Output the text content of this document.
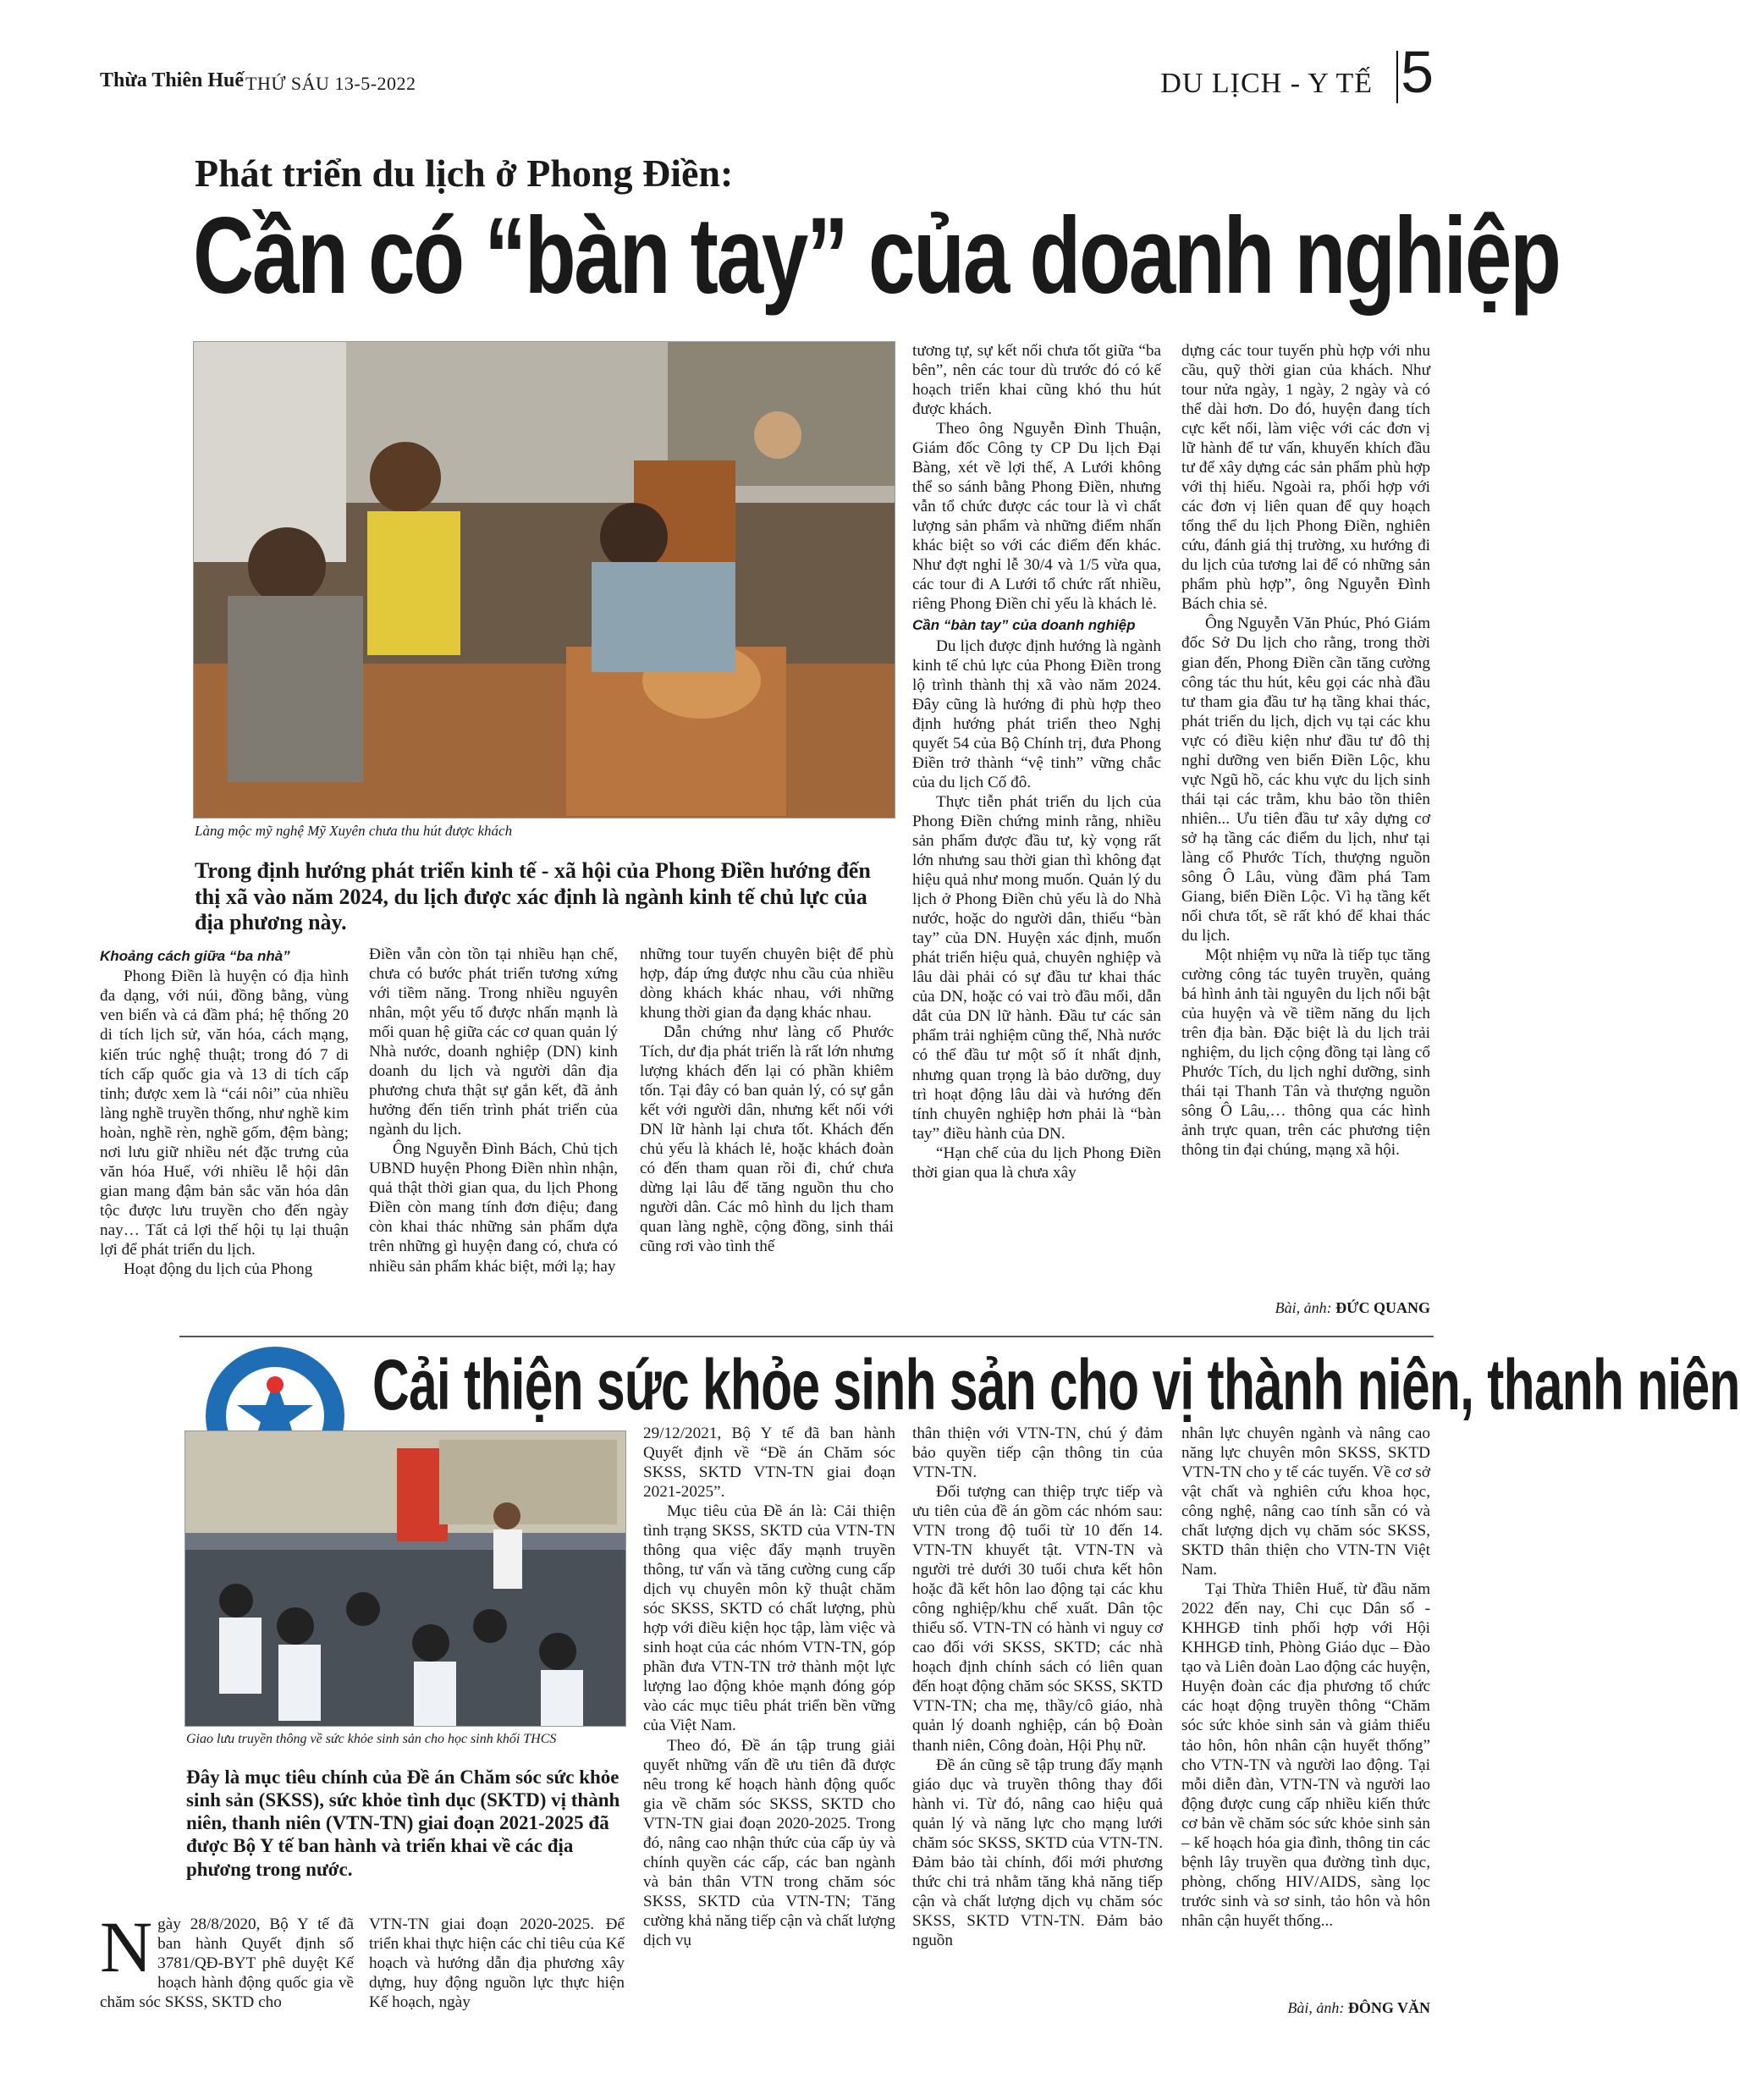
Thừa Thiên Huế THỨ SÁU 13-5-2022	DU LỊCH - Y TẾ 5
Phát triển du lịch ở Phong Điền:
Cần có “bàn tay” của doanh nghiệp
Làng mộc mỹ nghệ Mỹ Xuyên chưa thu hút được khách
Trong định hướng phát triển kinh tế - xã hội của Phong Điền hướng đến thị xã vào năm 2024, du lịch được xác định là ngành kinh tế chủ lực của địa phương này.

Khoảng cách giữa “ba nhà”

Phong Điền là huyện có địa hình đa dạng, với núi, đồng bằng, vùng ven biển và cả đầm phá; hệ thống 20 di tích lịch sử, văn hóa, cách mạng, kiến trúc nghệ thuật; trong đó 7 di tích cấp quốc gia và 13 di tích cấp tỉnh; được xem là “cái nôi” của nhiều làng nghề truyền thống, như nghề kim hoàn, nghề rèn, nghề gốm, đệm bàng; nơi lưu giữ nhiều nét đặc trưng của văn hóa Huế, với nhiều lễ hội dân gian mang đậm bản sắc văn hóa dân tộc được lưu truyền cho đến ngày nay… Tất cả lợi thế hội tụ lại thuận lợi để phát triển du lịch.

Hoạt động du lịch của Phong

Điền vẫn còn tồn tại nhiều hạn chế, chưa có bước phát triển tương xứng với tiềm năng. Trong nhiều nguyên nhân, một yếu tố được nhấn mạnh là mối quan hệ giữa các cơ quan quản lý Nhà nước, doanh nghiệp (DN) kinh doanh du lịch và người dân địa phương chưa thật sự gắn kết, đã ảnh hưởng đến tiến trình phát triển của ngành du lịch.

Ông Nguyễn Đình Bách, Chủ tịch UBND huyện Phong Điền nhìn nhận, quả thật thời gian qua, du lịch Phong Điền còn mang tính đơn điệu; đang còn khai thác những sản phẩm dựa trên những gì huyện đang có, chưa có nhiều sản phẩm khác biệt, mới lạ; hay

những tour tuyến chuyên biệt để phù hợp, đáp ứng được nhu cầu của nhiều dòng khách khác nhau, với những khung thời gian đa dạng khác nhau.

Dẫn chứng như làng cổ Phước Tích, dư địa phát triển là rất lớn nhưng lượng khách đến lại có phần khiêm tốn. Tại đây có ban quản lý, có sự gắn kết với người dân, nhưng kết nối với DN lữ hành lại chưa tốt. Khách đến chủ yếu là khách lẻ, hoặc khách đoàn có đến tham quan rồi đi, chứ chưa dừng lại lâu để tăng nguồn thu cho người dân. Các mô hình du lịch tham quan làng nghề, cộng đồng, sinh thái cũng rơi vào tình thế

tương tự, sự kết nối chưa tốt giữa “ba bên”, nên các tour dù trước đó có kế hoạch triển khai cũng khó thu hút được khách.

Theo ông Nguyễn Đình Thuận, Giám đốc Công ty CP Du lịch Đại Bàng, xét về lợi thế, A Lưới không thể so sánh bằng Phong Điền, nhưng vẫn tổ chức được các tour là vì chất lượng sản phẩm và những điểm nhấn khác biệt so với các điểm đến khác. Như đợt nghỉ lễ 30/4 và 1/5 vừa qua, các tour đi A Lưới tổ chức rất nhiều, riêng Phong Điền chỉ yếu là khách lẻ.

Cần “bàn tay” của doanh nghiệp

Du lịch được định hướng là ngành kinh tế chủ lực của Phong Điền trong lộ trình thành thị xã vào năm 2024. Đây cũng là hướng đi phù hợp theo định hướng phát triển theo Nghị quyết 54 của Bộ Chính trị, đưa Phong Điền trở thành “vệ tinh” vững chắc của du lịch Cố đô.

Thực tiễn phát triển du lịch của Phong Điền chứng minh rằng, nhiều sản phẩm được đầu tư, kỳ vọng rất lớn nhưng sau thời gian thì không đạt hiệu quả như mong muốn. Quản lý du lịch ở Phong Điền chủ yếu là do Nhà nước, hoặc do người dân, thiếu “bàn tay” của DN. Huyện xác định, muốn phát triển hiệu quả, chuyên nghiệp và lâu dài phải có sự đầu tư khai thác của DN, hoặc có vai trò đầu mối, dẫn dắt của DN lữ hành. Đầu tư các sản phẩm trải nghiệm cũng thế, Nhà nước có thể đầu tư một số ít nhất định, nhưng quan trọng là bảo dưỡng, duy trì hoạt động lâu dài và hướng đến tính chuyên nghiệp hơn phải là “bàn tay” điều hành của DN.

“Hạn chế của du lịch Phong Điền thời gian qua là chưa xây

dựng các tour tuyến phù hợp với nhu cầu, quỹ thời gian của khách. Như tour nửa ngày, 1 ngày, 2 ngày và có thể dài hơn. Do đó, huyện đang tích cực kết nối, làm việc với các đơn vị lữ hành để tư vấn, khuyến khích đầu tư để xây dựng các sản phẩm phù hợp với thị hiếu. Ngoài ra, phối hợp với các đơn vị liên quan để quy hoạch tổng thể du lịch Phong Điền, nghiên cứu, đánh giá thị trường, xu hướng đi du lịch của tương lai để có những sản phẩm phù hợp”, ông Nguyễn Đình Bách chia sẻ.

Ông Nguyễn Văn Phúc, Phó Giám đốc Sở Du lịch cho rằng, trong thời gian đến, Phong Điền cần tăng cường công tác thu hút, kêu gọi các nhà đầu tư tham gia đầu tư hạ tầng khai thác, phát triển du lịch, dịch vụ tại các khu vực có điều kiện như đầu tư đô thị nghỉ dưỡng ven biển Điền Lộc, khu vực Ngũ hồ, các khu vực du lịch sinh thái tại các trằm, khu bảo tồn thiên nhiên... Ưu tiên đầu tư xây dựng cơ sở hạ tầng các điểm du lịch, như tại làng cổ Phước Tích, thượng nguồn sông Ô Lâu, vùng đầm phá Tam Giang, biển Điền Lộc. Vì hạ tầng kết nối chưa tốt, sẽ rất khó để khai thác du lịch.

Một nhiệm vụ nữa là tiếp tục tăng cường công tác tuyên truyền, quảng bá hình ảnh tài nguyên du lịch nổi bật của huyện và về tiềm năng du lịch trên địa bàn. Đặc biệt là du lịch trải nghiệm, du lịch cộng đồng tại làng cổ Phước Tích, du lịch nghỉ dưỡng, sinh thái tại Thanh Tân và thượng nguồn sông Ô Lâu,… thông qua các hình ảnh trực quan, trên các phương tiện thông tin đại chúng, mạng xã hội.

Bài, ảnh: ĐỨC QUANG
Cải thiện sức khỏe sinh sản cho vị thành niên, thanh niên
Giao lưu truyền thông về sức khỏe sinh sản cho học sinh khối THCS
Đây là mục tiêu chính của Đề án Chăm sóc sức khỏe sinh sản (SKSS), sức khỏe tình dục (SKTD) vị thành niên, thanh niên (VTN-TN) giai đoạn 2021-2025 đã được Bộ Y tế ban hành và triển khai về các địa phương trong nước.
N gày 28/8/2020, Bộ Y tế đã ban hành Quyết định số 3781/QĐ-BYT phê duyệt Kế hoạch hành động quốc gia về chăm sóc SKSS, SKTD cho

VTN-TN giai đoạn 2020-2025. Để triển khai thực hiện các chỉ tiêu của Kế hoạch và hướng dẫn địa phương xây dựng, huy động nguồn lực thực hiện Kế hoạch, ngày

29/12/2021, Bộ Y tế đã ban hành Quyết định về “Đề án Chăm sóc SKSS, SKTD VTN-TN giai đoạn 2021-2025”.

Mục tiêu của Đề án là: Cải thiện tình trạng SKSS, SKTD của VTN-TN thông qua việc đẩy mạnh truyền thông, tư vấn và tăng cường cung cấp dịch vụ chuyên môn kỹ thuật chăm sóc SKSS, SKTD có chất lượng, phù hợp với điều kiện học tập, làm việc và sinh hoạt của các nhóm VTN-TN, góp phần đưa VTN-TN trở thành một lực lượng lao động khỏe mạnh đóng góp vào các mục tiêu phát triển bền vững của Việt Nam.

Theo đó, Đề án tập trung giải quyết những vấn đề ưu tiên đã được nêu trong kế hoạch hành động quốc gia về chăm sóc SKSS, SKTD cho VTN-TN giai đoạn 2020-2025. Trong đó, nâng cao nhận thức của cấp ủy và chính quyền các cấp, các ban ngành và bản thân VTN trong chăm sóc SKSS, SKTD của VTN-TN; Tăng cường khả năng tiếp cận và chất lượng dịch vụ

thân thiện với VTN-TN, chú ý đảm bảo quyền tiếp cận thông tin của VTN-TN.

Đối tượng can thiệp trực tiếp và ưu tiên của đề án gồm các nhóm sau: VTN trong độ tuổi từ 10 đến 14. VTN-TN khuyết tật. VTN-TN và người trẻ dưới 30 tuổi chưa kết hôn hoặc đã kết hôn lao động tại các khu công nghiệp/khu chế xuất. Dân tộc thiểu số. VTN-TN có hành vi nguy cơ cao đối với SKSS, SKTD; các nhà hoạch định chính sách có liên quan đến hoạt động chăm sóc SKSS, SKTD VTN-TN; cha mẹ, thầy/cô giáo, nhà quản lý doanh nghiệp, cán bộ Đoàn thanh niên, Công đoàn, Hội Phụ nữ.

Đề án cũng sẽ tập trung đẩy mạnh giáo dục và truyền thông thay đổi hành vi. Từ đó, nâng cao hiệu quả quản lý và năng lực cho mạng lưới chăm sóc SKSS, SKTD của VTN-TN. Đảm bảo tài chính, đổi mới phương thức chi trả nhằm tăng khả năng tiếp cận và chất lượng dịch vụ chăm sóc SKSS, SKTD VTN-TN. Đảm bảo nguồn

nhân lực chuyên ngành và nâng cao năng lực chuyên môn SKSS, SKTD VTN-TN cho y tế các tuyến. Về cơ sở vật chất và nghiên cứu khoa học, công nghệ, nâng cao tính sẵn có và chất lượng dịch vụ chăm sóc SKSS, SKTD thân thiện cho VTN-TN Việt Nam.

Tại Thừa Thiên Huế, từ đầu năm 2022 đến nay, Chi cục Dân số - KHHGĐ tỉnh phối hợp với Hội KHHGĐ tỉnh, Phòng Giáo dục – Đào tạo và Liên đoàn Lao động các huyện, Huyện đoàn các địa phương tổ chức các hoạt động truyền thông “Chăm sóc sức khỏe sinh sản và giảm thiểu tảo hôn, hôn nhân cận huyết thống” cho VTN-TN và người lao động. Tại mỗi diễn đàn, VTN-TN và người lao động được cung cấp nhiều kiến thức cơ bản về chăm sóc sức khỏe sinh sản – kế hoạch hóa gia đình, thông tin các bệnh lây truyền qua đường tình dục, phòng, chống HIV/AIDS, sàng lọc trước sinh và sơ sinh, tảo hôn và hôn nhân cận huyết thống...

Bài, ảnh: ĐÔNG VĂN
